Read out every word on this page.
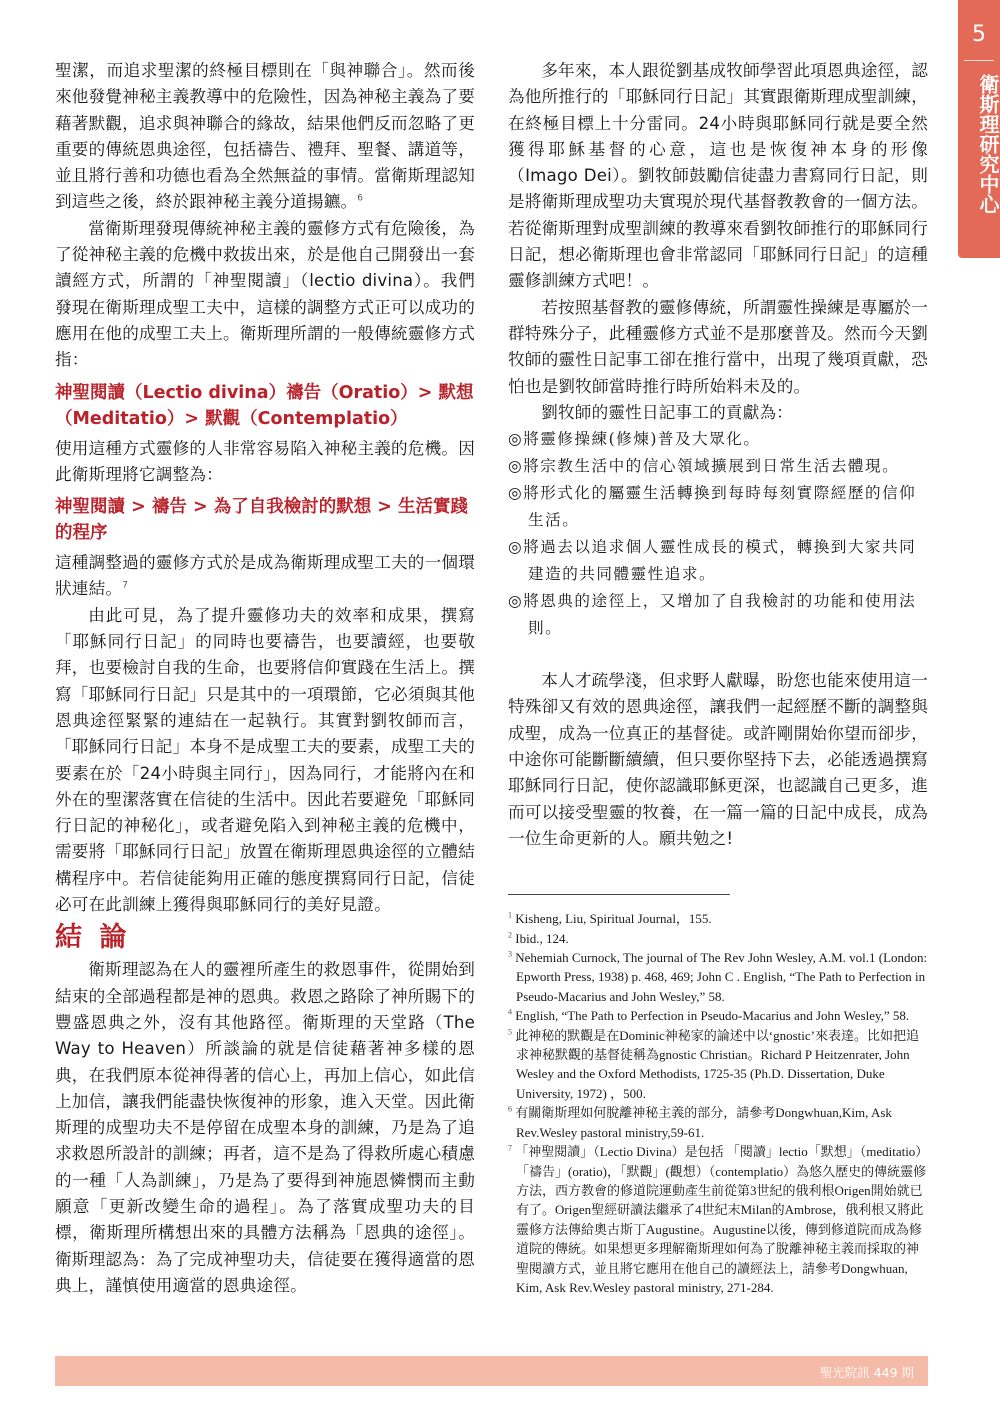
5
衛斯理研究中心

聖潔，而追求聖潔的終極目標則在「與神聯合」。然而後來他發覺神秘主義教導中的危險性，因為神秘主義為了要藉著默觀，追求與神聯合的緣故，結果他們反而忽略了更重要的傳統恩典途徑，包括禱告、禮拜、聖餐、講道等，並且將行善和功德也看為全然無益的事情。當衛斯理認知到這些之後，終於跟神秘主義分道揚鑣。$^6$

當衛斯理發現傳統神秘主義的靈修方式有危險後，為了從神秘主義的危機中救拔出來，於是他自己開發出一套讀經方式，所謂的「神聖閱讀」（lectio divina）。我們發現在衛斯理成聖工夫中，這樣的調整方式正可以成功的應用在他的成聖工夫上。衛斯理所謂的一般傳統靈修方式指：

神聖閱讀（Lectio divina）禱告（Oratio）> 默想（Meditatio）> 默觀（Contemplatio）

使用這種方式靈修的人非常容易陷入神秘主義的危機。因此衛斯理將它調整為：

神聖閱讀 > 禱告 > 為了自我檢討的默想 > 生活實踐的程序

這種調整過的靈修方式於是成為衛斯理成聖工夫的一個環狀連結。$^7$

由此可見，為了提升靈修功夫的效率和成果，撰寫「耶穌同行日記」的同時也要禱告，也要讀經，也要敬拜，也要檢討自我的生命，也要將信仰實踐在生活上。撰寫「耶穌同行日記」只是其中的一項環節，它必須與其他恩典途徑緊緊的連結在一起執行。其實對劉牧師而言，「耶穌同行日記」本身不是成聖工夫的要素，成聖工夫的要素在於「24小時與主同行」，因為同行，才能將內在和外在的聖潔落實在信徒的生活中。因此若要避免「耶穌同行日記的神秘化」，或者避免陷入到神秘主義的危機中，需要將「耶穌同行日記」放置在衛斯理恩典途徑的立體結構程序中。若信徒能夠用正確的態度撰寫同行日記，信徒必可在此訓練上獲得與耶穌同行的美好見證。

結 論

衛斯理認為在人的靈裡所產生的救恩事件，從開始到結束的全部過程都是神的恩典。救恩之路除了神所賜下的豐盛恩典之外，沒有其他路徑。衛斯理的天堂路（The Way to Heaven）所談論的就是信徒藉著神多樣的恩典，在我們原本從神得著的信心上，再加上信心，如此信上加信，讓我們能盡快恢復神的形象，進入天堂。因此衛斯理的成聖功夫不是停留在成聖本身的訓練，乃是為了追求救恩所設計的訓練；再者，這不是為了得救所處心積慮的一種「人為訓練」，乃是為了要得到神施恩憐憫而主動願意「更新改變生命的過程」。為了落實成聖功夫的目標，衛斯理所構想出來的具體方法稱為「恩典的途徑」。衛斯理認為：為了完成神聖功夫，信徒要在獲得適當的恩典上，謹慎使用適當的恩典途徑。

多年來，本人跟從劉基成牧師學習此項恩典途徑，認為他所推行的「耶穌同行日記」其實跟衛斯理成聖訓練，在終極目標上十分雷同。24小時與耶穌同行就是要全然獲得耶穌基督的心意，這也是恢復神本身的形像（Imago Dei）。劉牧師鼓勵信徒盡力書寫同行日記，則是將衛斯理成聖功夫實現於現代基督教教會的一個方法。若從衛斯理對成聖訓練的教導來看劉牧師推行的耶穌同行日記，想必衛斯理也會非常認同「耶穌同行日記」的這種靈修訓練方式吧！。

若按照基督教的靈修傳統，所謂靈性操練是專屬於一群特殊分子，此種靈修方式並不是那麼普及。然而今天劉牧師的靈性日記事工卻在推行當中，出現了幾項貢獻，恐怕也是劉牧師當時推行時所始料未及的。

劉牧師的靈性日記事工的貢獻為：

◎將靈修操練(修煉)普及大眾化。

◎將宗教生活中的信心領域擴展到日常生活去體現。

◎將形式化的屬靈生活轉換到每時每刻實際經歷的信仰生活。

◎將過去以追求個人靈性成長的模式，轉換到大家共同建造的共同體靈性追求。

◎將恩典的途徑上，又增加了自我檢討的功能和使用法則。

本人才疏學淺，但求野人獻曝，盼您也能來使用這一特殊卻又有效的恩典途徑，讓我們一起經歷不斷的調整與成聖，成為一位真正的基督徒。或許剛開始你望而卻步，中途你可能斷斷續續，但只要你堅持下去，必能透過撰寫耶穌同行日記，使你認識耶穌更深，也認識自己更多，進而可以接受聖靈的牧養，在一篇一篇的日記中成長，成為一位生命更新的人。願共勉之!

$^1$ Kisheng, Liu, Spiritual Journal，155.

$^2$ Ibid., 124.

$^3$ Nehemiah Curnock, The journal of The Rev John Wesley, A.M. vol.1 (London: Epworth Press, 1938) p. 468, 469; John C . English, “The Path to Perfection in Pseudo-Macarius and John Wesley,” 58.

$^4$ English, “The Path to Perfection in Pseudo-Macarius and John Wesley,” 58.

$^5$ 此神秘的默觀是在Dominic神秘家的論述中以‘gnostic’來表達。比如把追求神秘默觀的基督徒稱為gnostic Christian。Richard P Heitzenrater, John Wesley and the Oxford Methodists, 1725-35 (Ph.D. Dissertation, Duke University, 1972) ，500.

$^6$ 有關衛斯理如何脫離神秘主義的部分，請參考Dongwhuan,Kim, Ask Rev.Wesley pastoral ministry,59-61.

$^7$ 「神聖閱讀」（Lectio Divina）是包括 「閱讀」lectio「默想」（meditatio）「禱告」(oratio)，「默觀」(觀想）（contemplatio）為悠久歷史的傳統靈修方法，西方教會的修道院運動產生前從第3世紀的俄利根Origen開始就已有了。Origen聖經研讀法繼承了4世紀末Milan的Ambrose，俄利根又將此靈修方法傳給奧古斯丁Augustine。Augustine以後，傳到修道院而成為修道院的傳統。如果想更多理解衛斯理如何為了脫離神秘主義而採取的神聖閱讀方式，並且將它應用在他自己的讀經法上，請參考Dongwhuan, Kim, Ask Rev.Wesley pastoral ministry, 271-284.

聖光院訊 449 期
